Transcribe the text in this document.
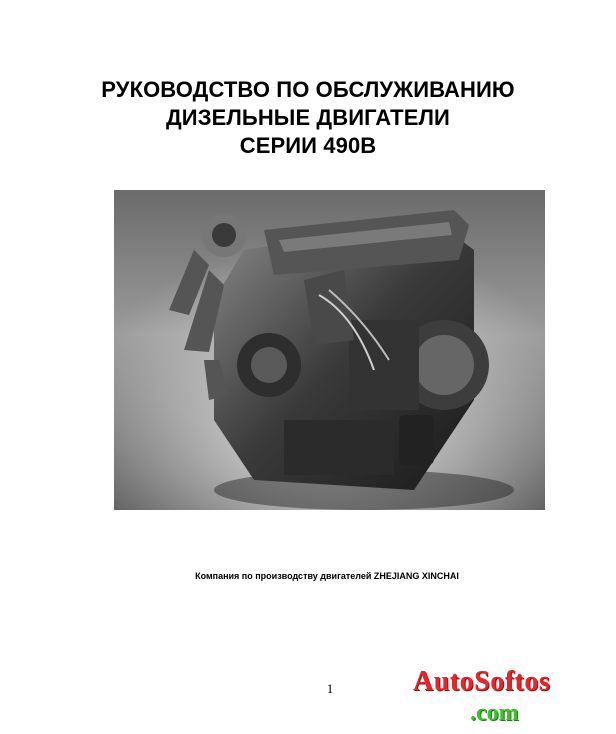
РУКОВОДСТВО ПО ОБСЛУЖИВАНИЮ
ДИЗЕЛЬНЫЕ ДВИГАТЕЛИ
СЕРИИ 490В
Компания по производству двигателей ZHEJIANG XINCHAI
1	AutoSoftos
.com
